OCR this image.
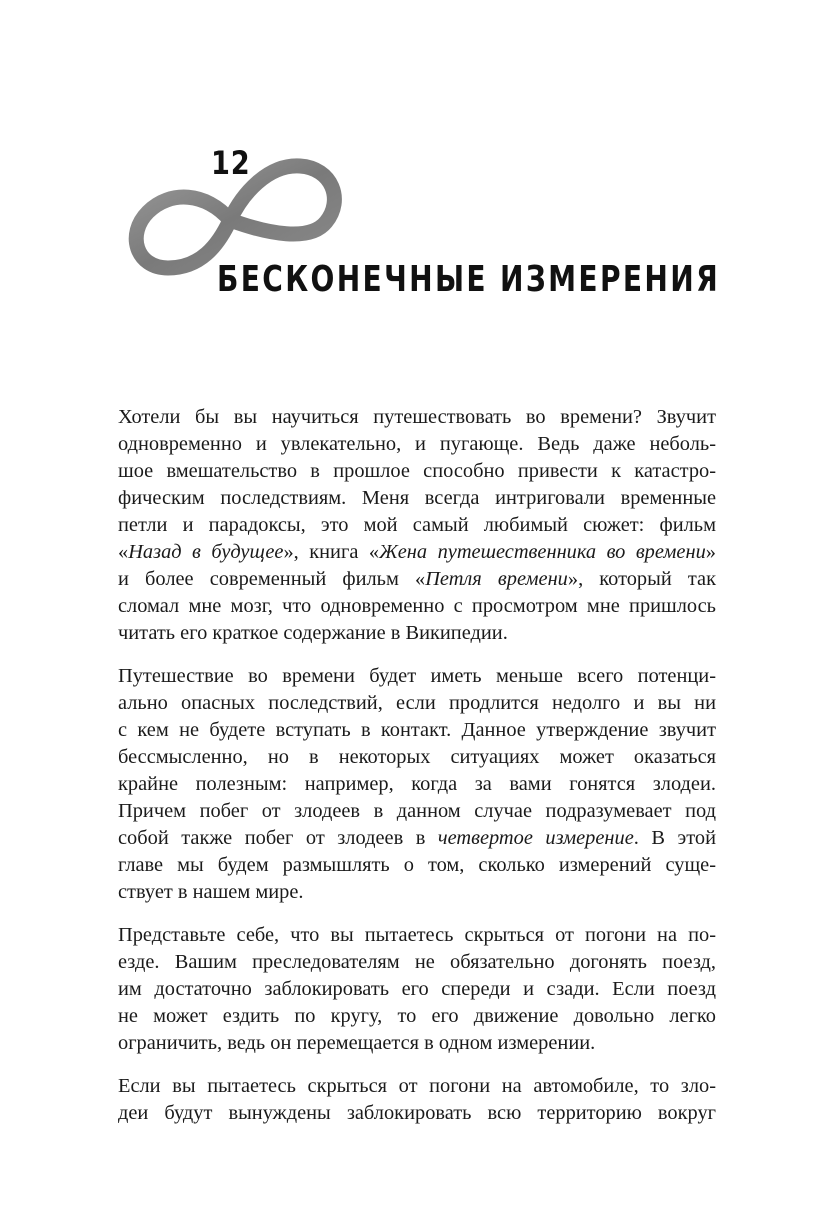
12
БЕСКОНЕЧНЫЕ ИЗМЕРЕНИЯ

Хотели бы вы научиться путешествовать во времени? Звучит
одновременно и увлекательно, и пугающе. Ведь даже неболь-
шое вмешательство в прошлое способно привести к катастро-
фическим последствиям. Меня всегда интриговали временные
петли и парадоксы, это мой самый любимый сюжет: фильм
«Назад в будущее», книга «Жена путешественника во времени»
и более современный фильм «Петля времени», который так
сломал мне мозг, что одновременно с просмотром мне пришлось
читать его краткое содержание в Википедии.

Путешествие во времени будет иметь меньше всего потенци-
ально опасных последствий, если продлится недолго и вы ни
с кем не будете вступать в контакт. Данное утверждение звучит
бессмысленно, но в некоторых ситуациях может оказаться
крайне полезным: например, когда за вами гонятся злодеи.
Причем побег от злодеев в данном случае подразумевает под
собой также побег от злодеев в четвертое измерение. В этой
главе мы будем размышлять о том, сколько измерений суще-
ствует в нашем мире.

Представьте себе, что вы пытаетесь скрыться от погони на по-
езде. Вашим преследователям не обязательно догонять поезд,
им достаточно заблокировать его спереди и сзади. Если поезд
не может ездить по кругу, то его движение довольно легко
ограничить, ведь он перемещается в одном измерении.

Если вы пытаетесь скрыться от погони на автомобиле, то зло-
деи будут вынуждены заблокировать всю территорию вокруг
